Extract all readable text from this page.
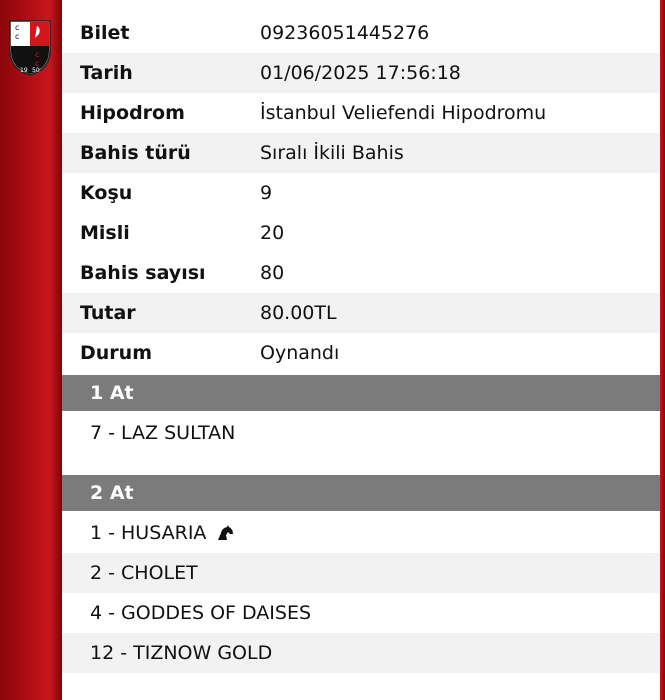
c
c
c
c
19 50
Bilet	09236051445276
Tarih	01/06/2025 17:56:18
Hipodrom	İstanbul Veliefendi Hipodromu
Bahis türü	Sıralı İkili Bahis
Koşu	9
Misli	20
Bahis sayısı	80
Tutar	80.00TL
Durum	Oynandı
1 At
7 - LAZ SULTAN
2 At
1 - HUSARIA
2 - CHOLET
4 - GODDES OF DAISES
12 - TIZNOW GOLD
